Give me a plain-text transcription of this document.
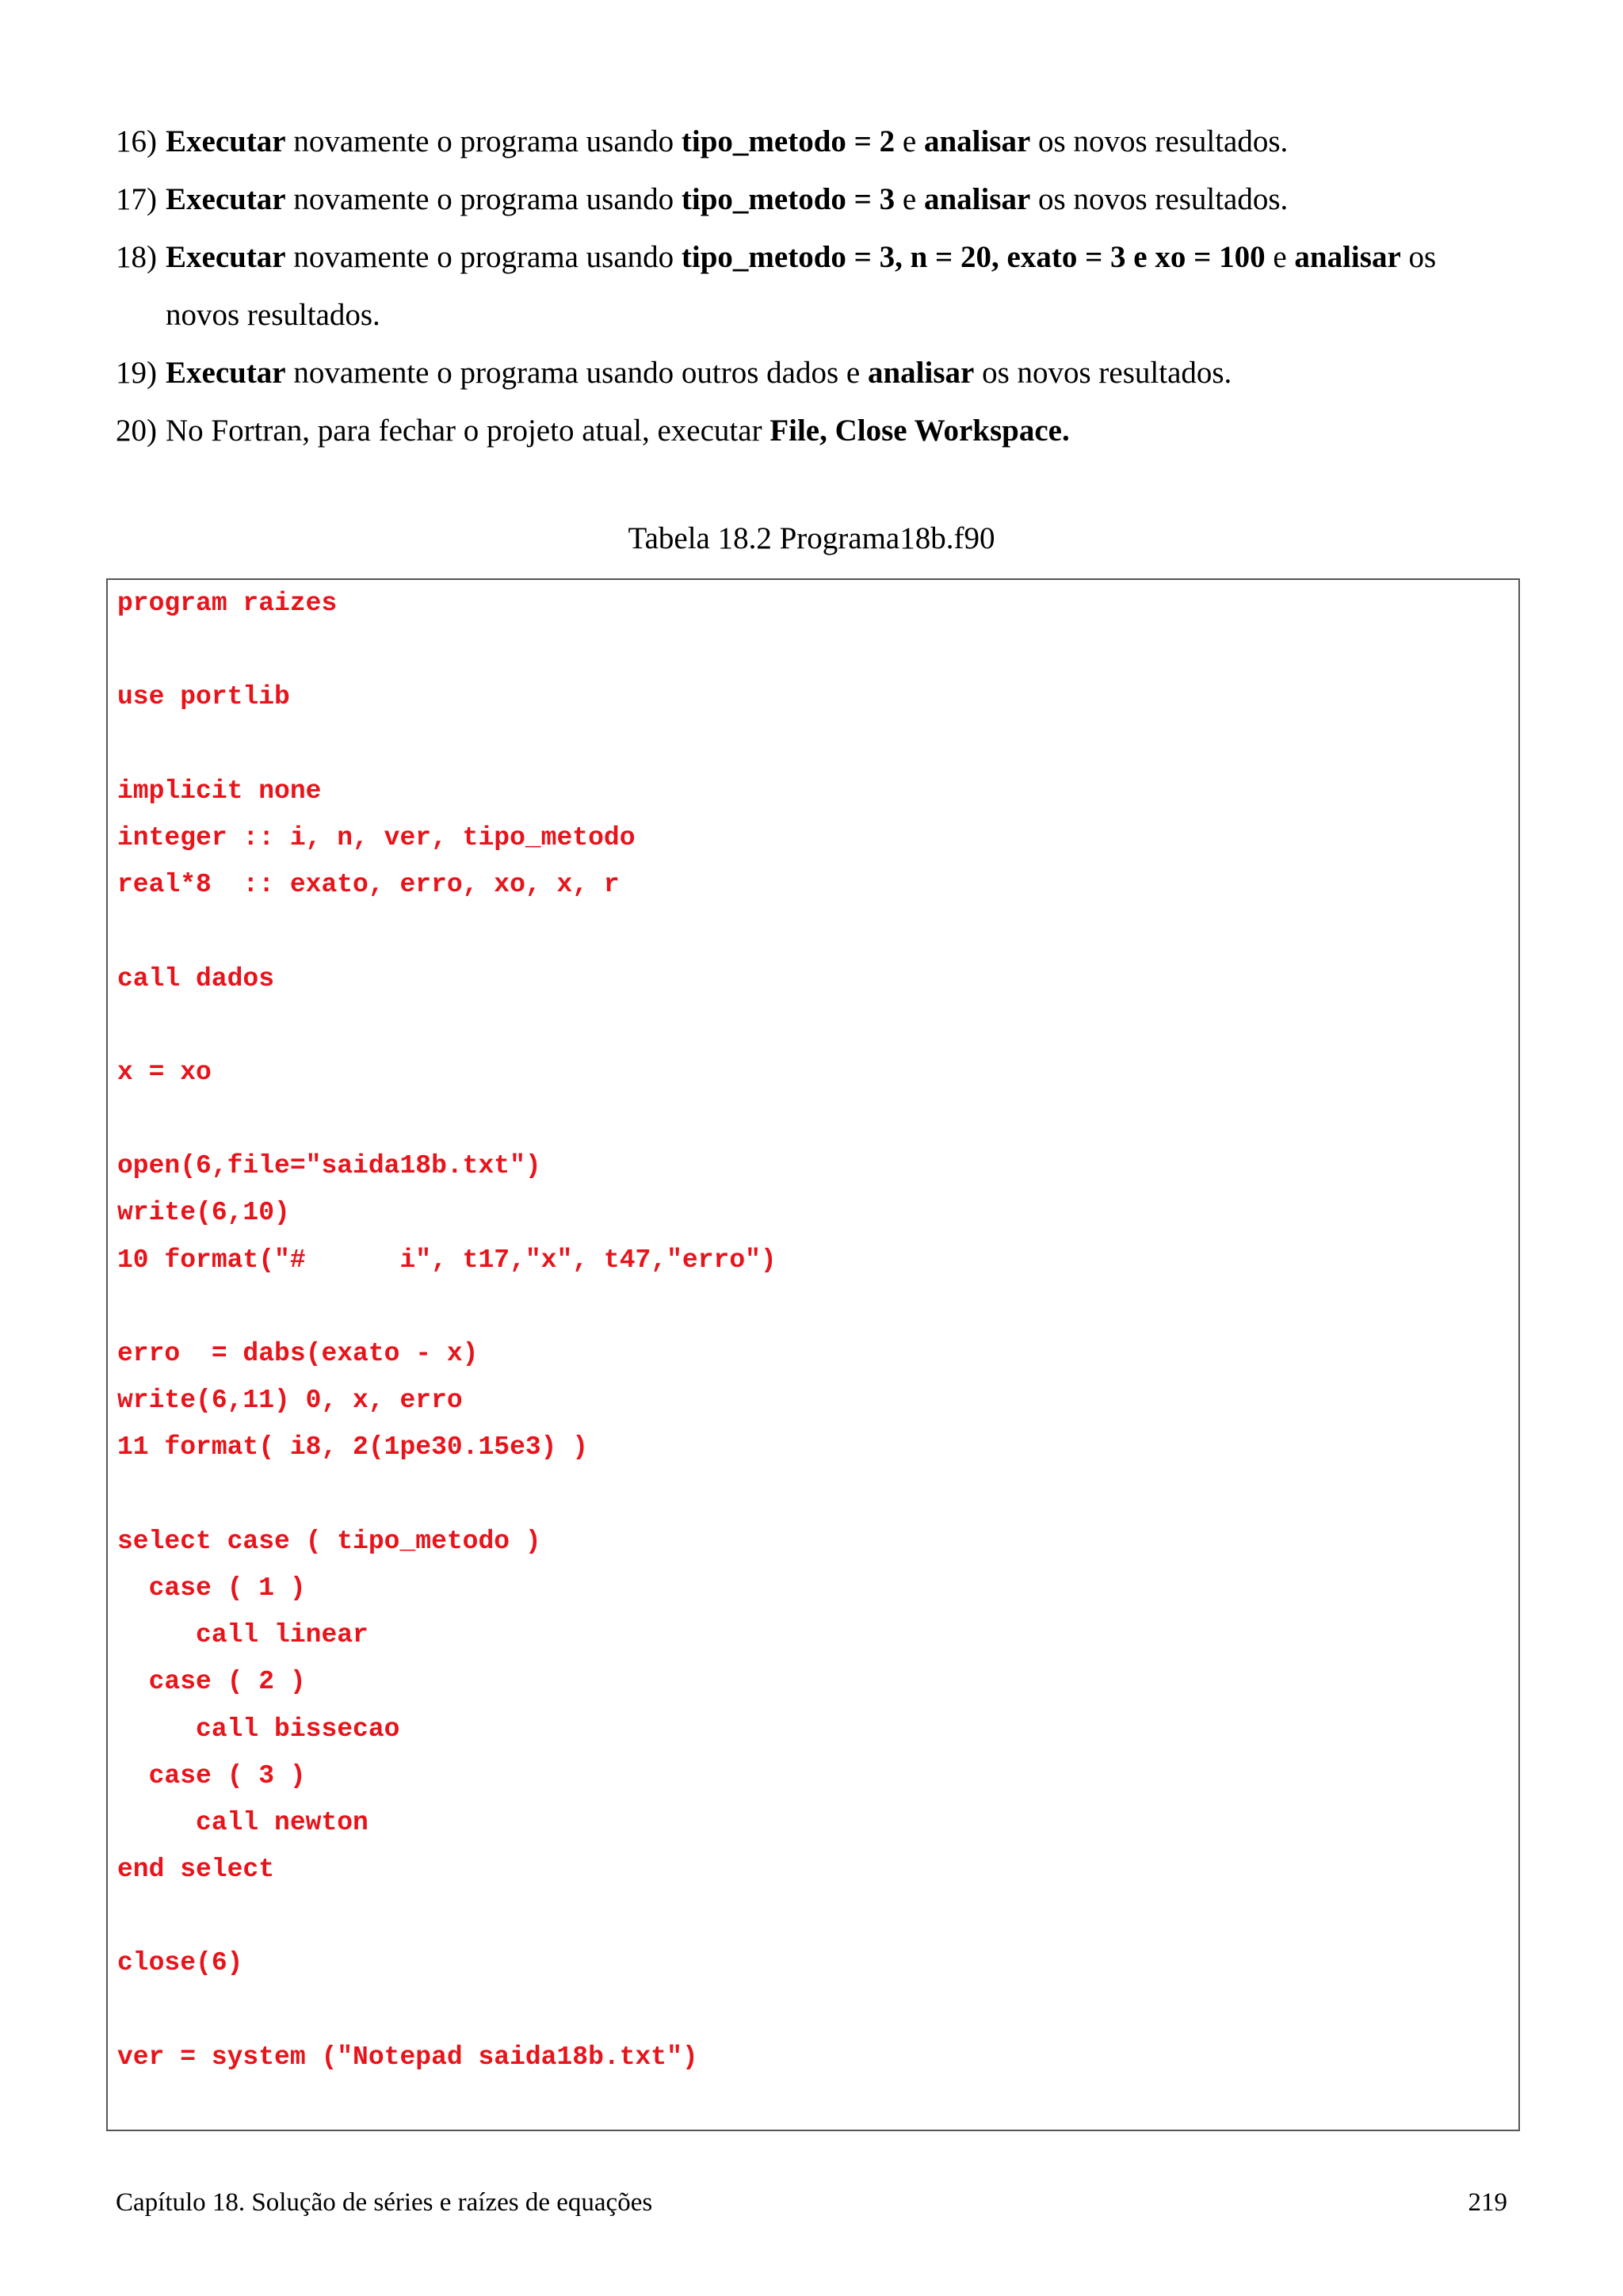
16) Executar novamente o programa usando tipo_metodo = 2 e analisar os novos resultados.
17) Executar novamente o programa usando tipo_metodo = 3 e analisar os novos resultados.
18) Executar novamente o programa usando tipo_metodo = 3, n = 20, exato = 3 e xo = 100 e analisar os novos resultados.
19) Executar novamente o programa usando outros dados e analisar os novos resultados.
20) No Fortran, para fechar o projeto atual, executar File, Close Workspace.
Tabela 18.2 Programa18b.f90
program raizes
use portlib
implicit none
integer :: i, n, ver, tipo_metodo
real*8  :: exato, erro, xo, x, r
call dados
x = xo
open(6,file="saida18b.txt")
write(6,10)
10 format("#      i", t17,"x", t47,"erro")
erro  = dabs(exato - x)
write(6,11) 0, x, erro
11 format( i8, 2(1pe30.15e3) )
select case ( tipo_metodo )
case ( 1 )
call linear
case ( 2 )
call bissecao
case ( 3 )
call newton
end select
close(6)
ver = system ("Notepad saida18b.txt")
Capítulo 18. Solução de séries e raízes de equações	219
